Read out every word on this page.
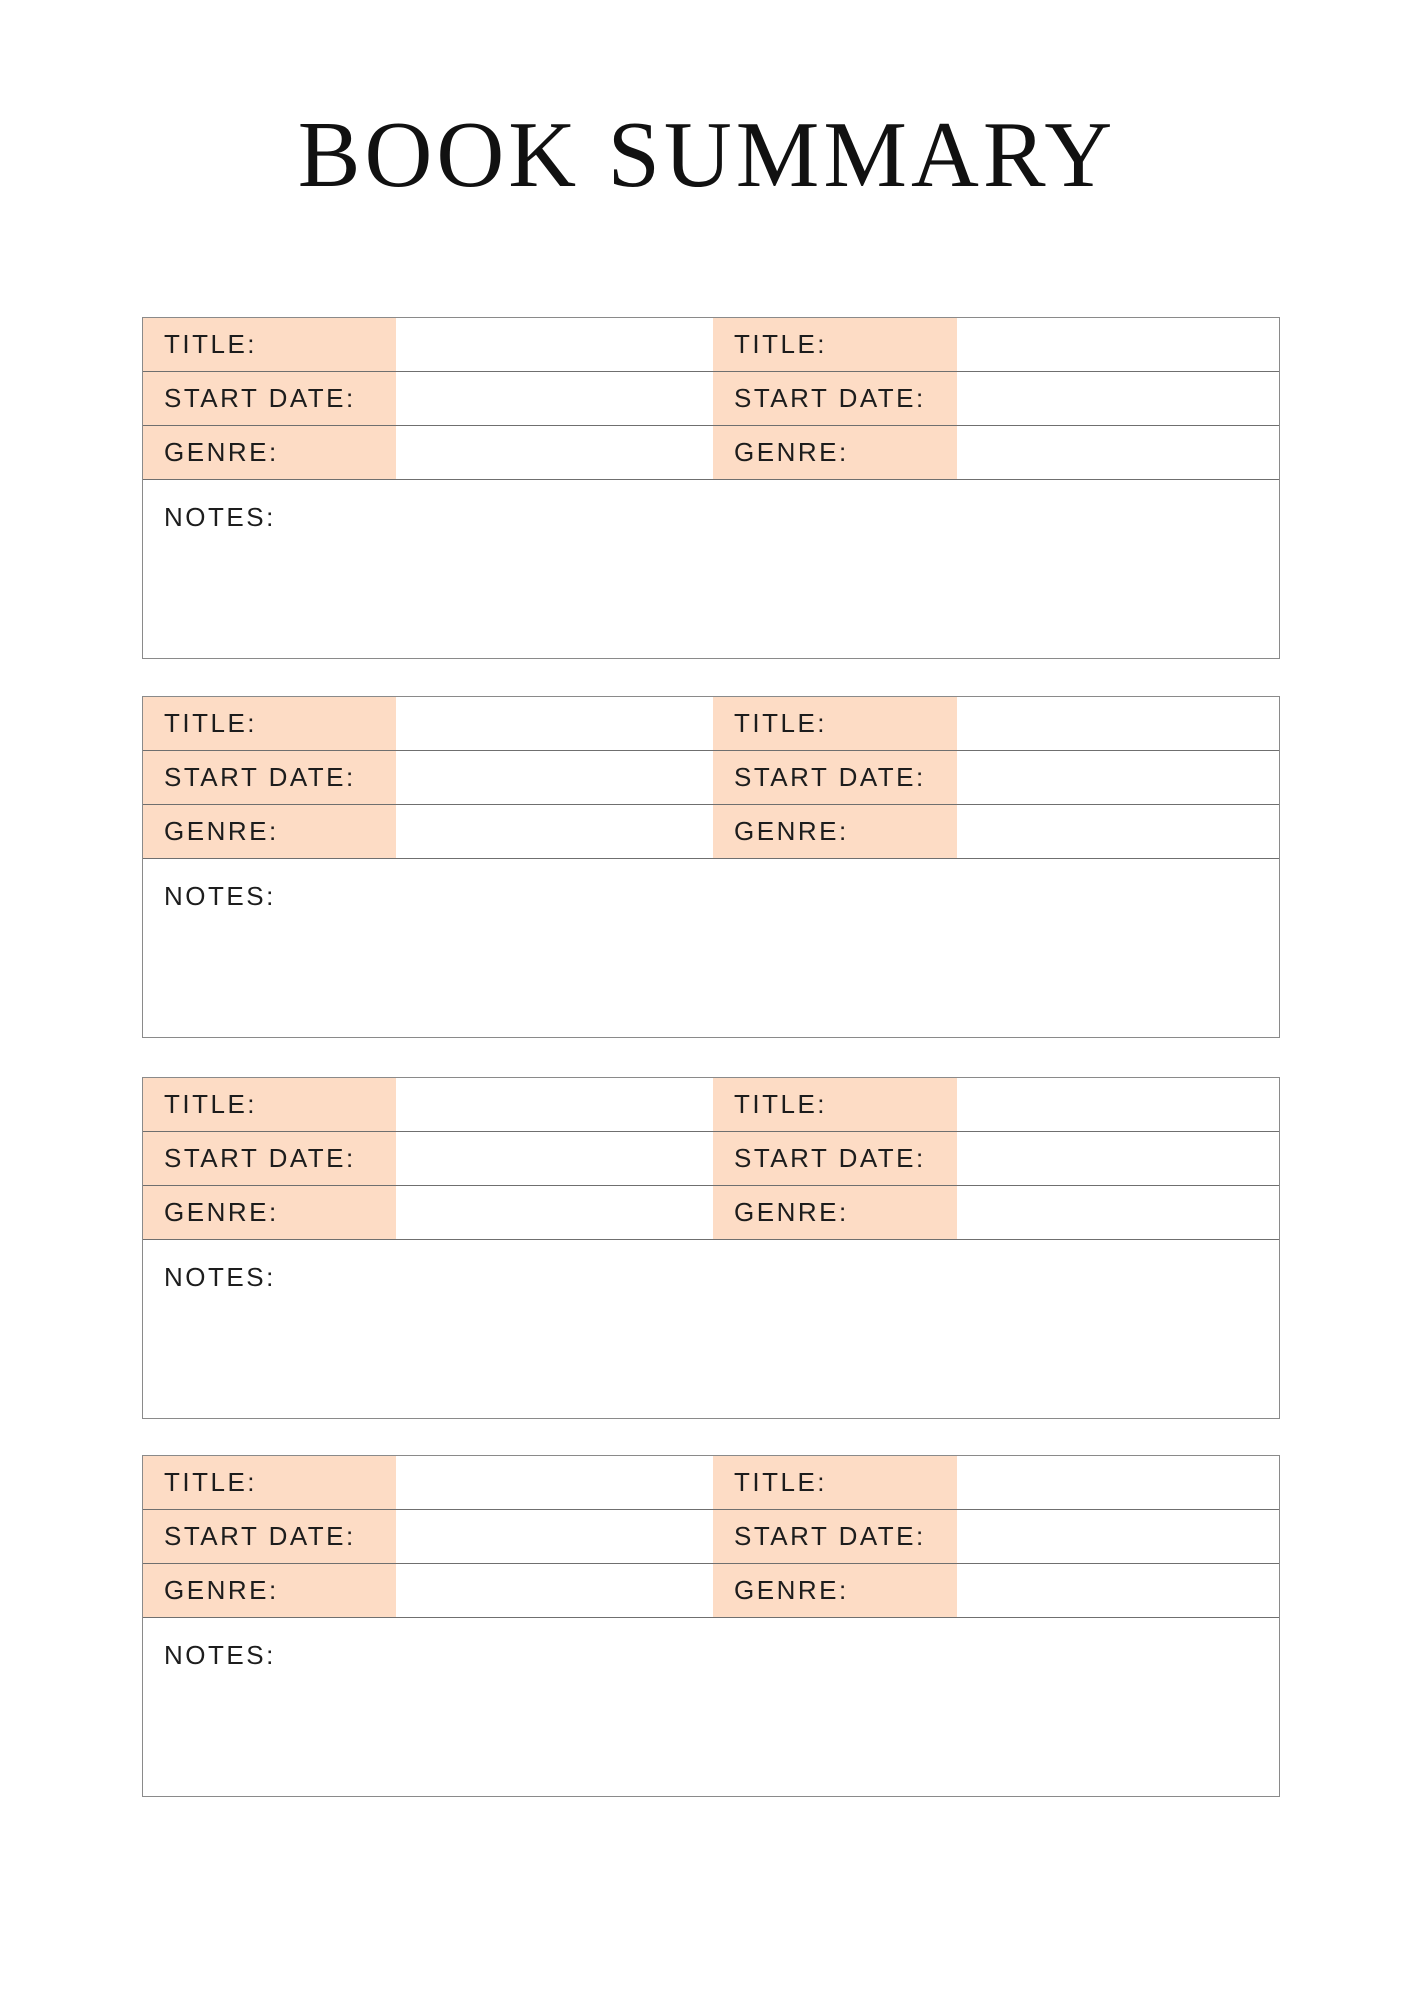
BOOK SUMMARY
TITLE:	TITLE:
START DATE:	START DATE:
GENRE:	GENRE:
NOTES:
TITLE:	TITLE:
START DATE:	START DATE:
GENRE:	GENRE:
NOTES:
TITLE:	TITLE:
START DATE:	START DATE:
GENRE:	GENRE:
NOTES:
TITLE:	TITLE:
START DATE:	START DATE:
GENRE:	GENRE:
NOTES:
